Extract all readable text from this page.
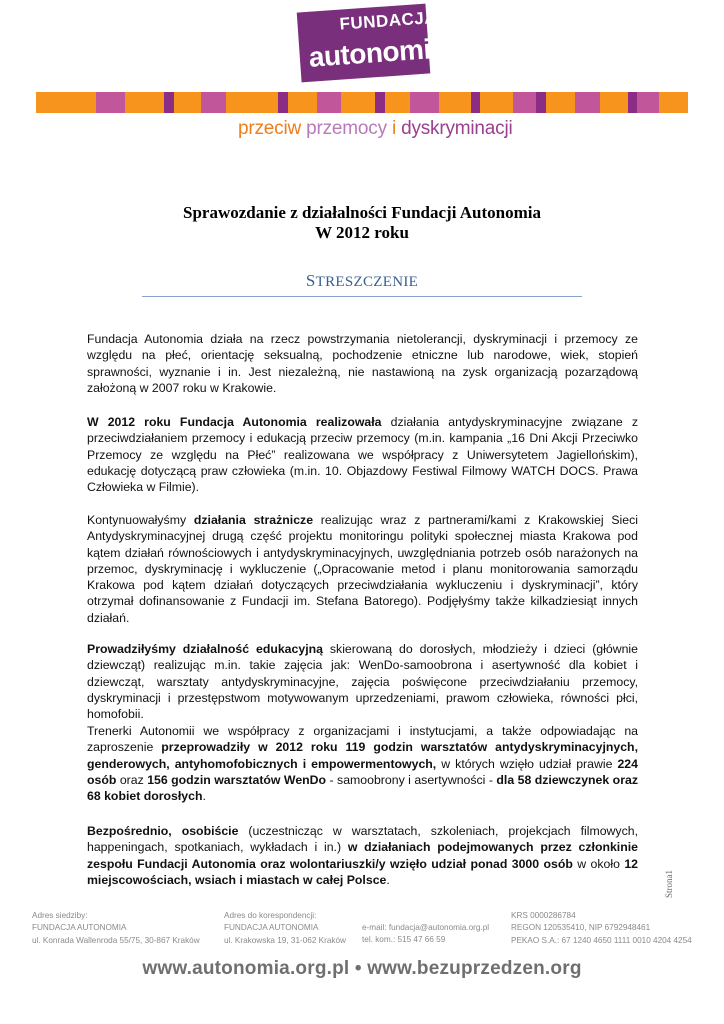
FUNDACJA
autonomia
przeciw przemocy i dyskryminacji
Sprawozdanie z działalności Fundacji Autonomia
W 2012 roku
STRESZCZENIE
Fundacja Autonomia działa na rzecz powstrzymania nietolerancji, dyskryminacji i przemocy ze względu na płeć, orientację seksualną, pochodzenie etniczne lub narodowe, wiek, stopień sprawności, wyznanie i in. Jest niezależną, nie nastawioną na zysk organizacją pozarządową założoną w 2007 roku w Krakowie.
W 2012 roku Fundacja Autonomia realizowała działania antydyskryminacyjne związane z przeciwdziałaniem przemocy i edukacją przeciw przemocy (m.in. kampania „16 Dni Akcji Przeciwko Przemocy ze względu na Płeć” realizowana we współpracy z Uniwersytetem Jagiellońskim), edukację dotyczącą praw człowieka (m.in. 10. Objazdowy Festiwal Filmowy WATCH DOCS. Prawa Człowieka w Filmie).
Kontynuowałyśmy działania strażnicze realizując wraz z partnerami/kami z Krakowskiej Sieci Antydyskryminacyjnej drugą część projektu monitoringu polityki społecznej miasta Krakowa pod kątem działań równościowych i antydyskryminacyjnych, uwzględniania potrzeb osób narażonych na przemoc, dyskryminację i wykluczenie („Opracowanie metod i planu monitorowania samorządu Krakowa pod kątem działań dotyczących przeciwdziałania wykluczeniu i dyskryminacji”, który otrzymał dofinansowanie z Fundacji im. Stefana Batorego). Podjęłyśmy także kilkadziesiąt innych działań.
Prowadziłyśmy działalność edukacyjną skierowaną do dorosłych, młodzieży i dzieci (głównie dziewcząt) realizując m.in. takie zajęcia jak: WenDo-samoobrona i asertywność dla kobiet i dziewcząt, warsztaty antydyskryminacyjne, zajęcia poświęcone przeciwdziałaniu przemocy, dyskryminacji i przestępstwom motywowanym uprzedzeniami, prawom człowieka, równości płci, homofobii.
Trenerki Autonomii we współpracy z organizacjami i instytucjami, a także odpowiadając na zaproszenie przeprowadziły w 2012 roku 119 godzin warsztatów antydyskryminacyjnych, genderowych, antyhomofobicznych i empowermentowych, w których wzięło udział prawie 224 osób oraz 156 godzin warsztatów WenDo - samoobrony i asertywności - dla 58 dziewczynek oraz 68 kobiet dorosłych.
Bezpośrednio, osobiście (uczestnicząc w warsztatach, szkoleniach, projekcjach filmowych, happeningach, spotkaniach, wykładach i in.) w działaniach podejmowanych przez członkinie zespołu Fundacji Autonomia oraz wolontariuszki/y wzięło udział ponad 3000 osób w około 12 miejscowościach, wsiach i miastach w całej Polsce.	Strona1
Adres siedziby:
FUNDACJA AUTONOMIA
ul. Konrada Wallenroda 55/75, 30-867 Kraków
Adres do korespondencji:
FUNDACJA AUTONOMIA
ul. Krakowska 19, 31-062 Kraków
e-mail: fundacja@autonomia.org.pl
tel. kom.: 515 47 66 59
KRS 0000286784
REGON 120535410, NIP 6792948461
PEKAO S.A.: 67 1240 4650 1111 0010 4204 4254
www.autonomia.org.pl • www.bezuprzedzen.org
